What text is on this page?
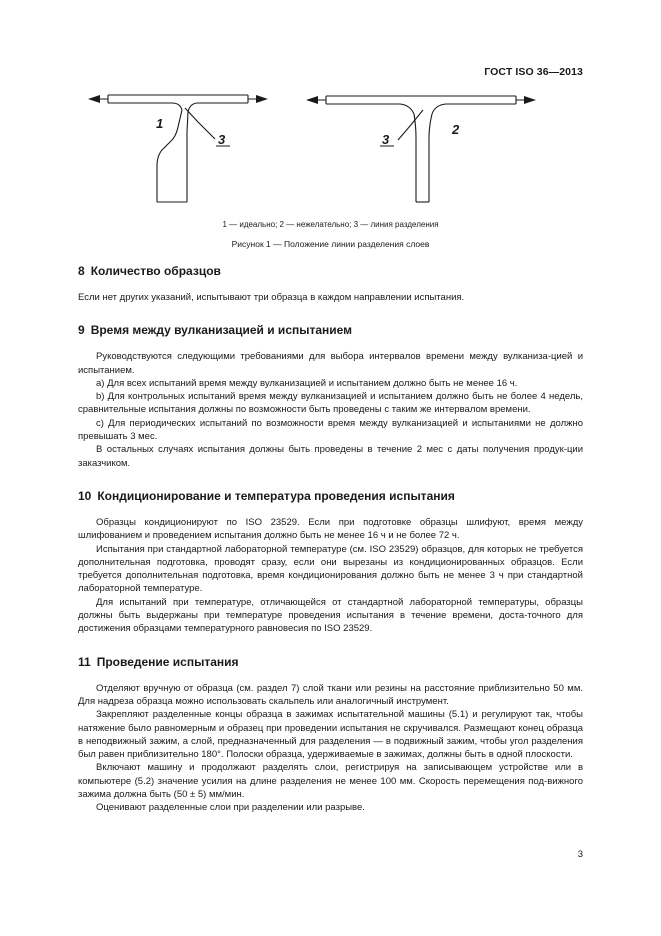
ГОСТ ISO 36—2013
1
3	3
2
1 — идеально; 2 — нежелательно; 3 — линия разделения
Рисунок 1 — Положение линии разделения слоев
8 Количество образцов

Если нет других указаний, испытывают три образца в каждом направлении испытания.

9 Время между вулканизацией и испытанием

Руководствуются следующими требованиями для выбора интервалов времени между вулканиза-цией и испытанием.

a) Для всех испытаний время между вулканизацией и испытанием должно быть не менее 16 ч.

b) Для контрольных испытаний время между вулканизацией и испытанием должно быть не более 4 недель, сравнительные испытания должны по возможности быть проведены с таким же интервалом времени.

c) Для периодических испытаний по возможности время между вулканизацией и испытаниями не должно превышать 3 мес.

В остальных случаях испытания должны быть проведены в течение 2 мес с даты получения продук-ции заказчиком.

10 Кондиционирование и температура проведения испытания

Образцы кондиционируют по ISO 23529. Если при подготовке образцы шлифуют, время между шлифованием и проведением испытания должно быть не менее 16 ч и не более 72 ч.

Испытания при стандартной лабораторной температуре (см. ISO 23529) образцов, для которых не требуется дополнительная подготовка, проводят сразу, если они вырезаны из кондиционированных образцов. Если требуется дополнительная подготовка, время кондиционирования должно быть не менее 3 ч при стандартной лабораторной температуре.

Для испытаний при температуре, отличающейся от стандартной лабораторной температуры, образцы должны быть выдержаны при температуре проведения испытания в течение времени, доста-точного для достижения образцами температурного равновесия по ISO 23529.

11 Проведение испытания

Отделяют вручную от образца (см. раздел 7) слой ткани или резины на расстояние приблизительно 50 мм. Для надреза образца можно использовать скальпель или аналогичный инструмент.

Закрепляют разделенные концы образца в зажимах испытательной машины (5.1) и регулируют так, чтобы натяжение было равномерным и образец при проведении испытания не скручивался. Размещают конец образца в неподвижный зажим, а слой, предназначенный для разделения — в подвижный зажим, чтобы угол разделения был равен приблизительно 180°. Полоски образца, удерживаемые в зажимах, должны быть в одной плоскости.

Включают машину и продолжают разделять слои, регистрируя на записывающем устройстве или в компьютере (5.2) значение усилия на длине разделения не менее 100 мм. Скорость перемещения под-вижного зажима должна быть (50 ± 5) мм/мин.

Оценивают разделенные слои при разделении или разрыве.

3
